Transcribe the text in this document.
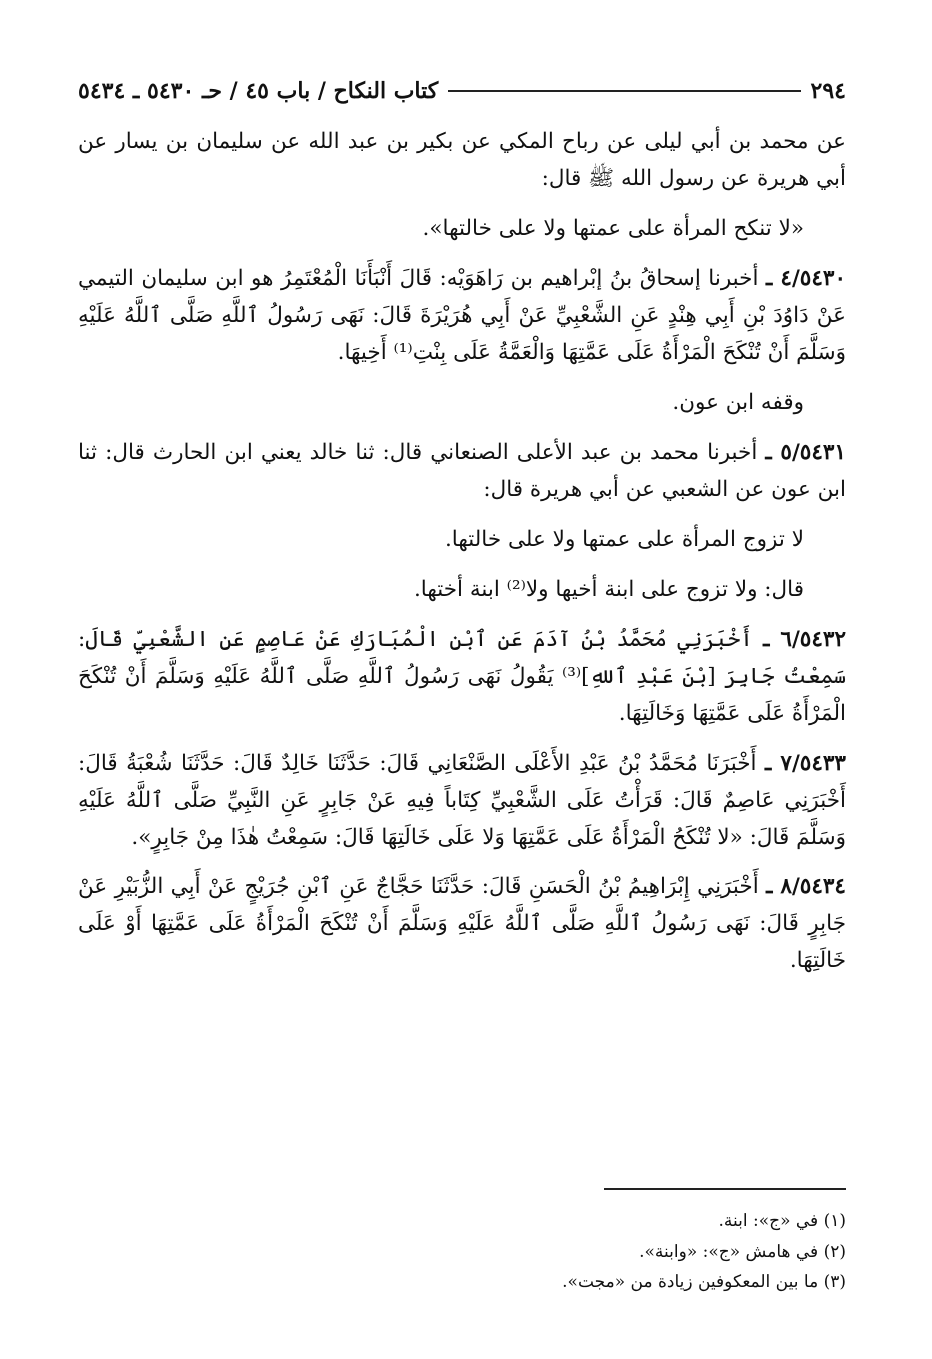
٢٩٤
كتاب النكاح / باب ٤٥ / حـ ٥٤٣٠ ـ ٥٤٣٤

عن محمد بن أبي ليلى عن رباح المكي عن بكير بن عبد الله عن سليمان بن يسار عن أبي هريرة عن رسول الله ﷺ قال:

«لا تنكح المرأة على عمتها ولا على خالتها».

٤/٥٤٣٠ ـ أخبرنا إسحاقُ بنُ إبْراهيم بن رَاهَوَيْه: قَالَ أَنْبَأَنَا الْمُعْتَمِرُ هو ابن سليمان التيمي عَنْ دَاوُدَ بْنِ أَبِي هِنْدٍ عَنِ الشَّعْبِيِّ عَنْ أَبِي هُرَيْرَةَ قَالَ: نَهَى رَسُولُ ٱللَّهِ صَلَّى ٱللَّهُ عَلَيْهِ وَسَلَّمَ أَنْ تُنْكَحَ الْمَرْأَةُ عَلَى عَمَّتِهَا وَالْعَمَّةُ عَلَى بِنْتِ⁽¹⁾ أَخِيهَا.

وقفه ابن عون.

٥/٥٤٣١ ـ أخبرنا محمد بن عبد الأعلى الصنعاني قال: ثنا خالد يعني ابن الحارث قال: ثنا ابن عون عن الشعبي عن أبي هريرة قال:

لا تزوج المرأة على عمتها ولا على خالتها.

قال: ولا تزوج على ابنة أخيها ولا⁽²⁾ ابنة أختها.

٦/٥٤٣٢ ـ أَخْبَرَنِي مُحَمَّدُ بْنُ آدَمَ عَنِ ٱبْنِ الْمُبَارَكِ عَنْ عَاصِمٍ عَنِ الشَّعْبِيِّ قَالَ: سَمِعْتُ جَابِرَ [بْنَ عَبْدِ ٱللهِ]⁽³⁾ يَقُولُ نَهَى رَسُولُ ٱللَّهِ صَلَّى ٱللَّهُ عَلَيْهِ وَسَلَّمَ أَنْ تُنْكَحَ الْمَرْأَةُ عَلَى عَمَّتِهَا وَخَالَتِهَا.

٧/٥٤٣٣ ـ أَخْبَرَنَا مُحَمَّدُ بْنُ عَبْدِ الأَعْلَى الصَّنْعَانِي قَالَ: حَدَّثَنَا خَالِدٌ قَالَ: حَدَّثَنَا شُعْبَةُ قَالَ: أَخْبَرَنِي عَاصِمٌ قَالَ: قَرَأْتُ عَلَى الشَّعْبِيِّ كِتَاباً فِيهِ عَنْ جَابِرٍ عَنِ النَّبِيِّ صَلَّى ٱللَّهُ عَلَيْهِ وَسَلَّمَ قَالَ: «لا تُنْكَحُ الْمَرْأَةُ عَلَى عَمَّتِهَا وَلا عَلَى خَالَتِهَا قَالَ: سَمِعْتُ هٰذَا مِنْ جَابِرٍ».

٨/٥٤٣٤ ـ أَخْبَرَنِي إِبْرَاهِيمُ بْنُ الْحَسَنِ قَالَ: حَدَّثَنَا حَجَّاجٌ عَنِ ٱبْنِ جُرَيْجٍ عَنْ أَبِي الزُّبَيْرِ عَنْ جَابِرٍ قَالَ: نَهَى رَسُولُ ٱللَّهِ صَلَّى ٱللَّهُ عَلَيْهِ وَسَلَّمَ أَنْ تُنْكَحَ الْمَرْأَةُ عَلَى عَمَّتِهَا أَوْ عَلَى خَالَتِهَا.

(١) في «ج»: ابنة.
(٢) في هامش «ج»: «وابنة».
(٣) ما بين المعكوفين زيادة من «مجت».
